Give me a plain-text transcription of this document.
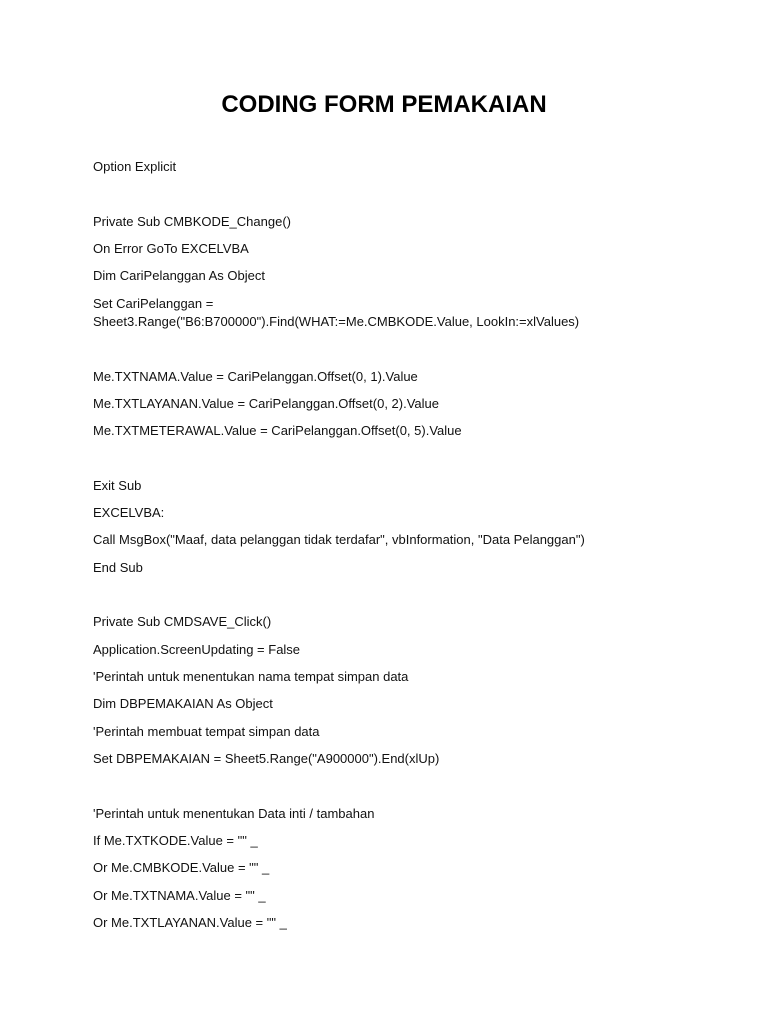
CODING FORM PEMAKAIAN

Option Explicit

Private Sub CMBKODE_Change()

On Error GoTo EXCELVBA

Dim CariPelanggan As Object

Set CariPelanggan = Sheet3.Range("B6:B700000").Find(WHAT:=Me.CMBKODE.Value, LookIn:=xlValues)

Me.TXTNAMA.Value = CariPelanggan.Offset(0, 1).Value

Me.TXTLAYANAN.Value = CariPelanggan.Offset(0, 2).Value

Me.TXTMETERAWAL.Value = CariPelanggan.Offset(0, 5).Value

Exit Sub

EXCELVBA:

Call MsgBox("Maaf, data pelanggan tidak terdafar", vbInformation, "Data Pelanggan")

End Sub

Private Sub CMDSAVE_Click()

Application.ScreenUpdating = False

'Perintah untuk menentukan nama tempat simpan data

Dim DBPEMAKAIAN As Object

'Perintah membuat tempat simpan data

Set DBPEMAKAIAN = Sheet5.Range("A900000").End(xlUp)

'Perintah untuk menentukan Data inti / tambahan

If Me.TXTKODE.Value = "" _

Or Me.CMBKODE.Value = "" _

Or Me.TXTNAMA.Value = "" _

Or Me.TXTLAYANAN.Value = "" _
